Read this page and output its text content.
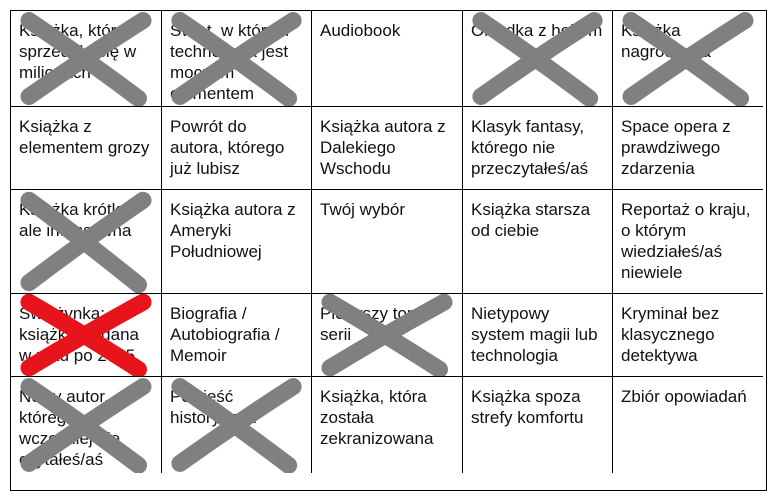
Książka, która sprzedała się w milionach
Świat, w którym technologia jest mocnym elementem
Audiobook	Okładka z hejtem Książka nagrodzona
Książka z elementem grozy
Powrót do autora, którego już lubisz
Książka autora z Dalekiego Wschodu
Klasyk fantasy, którego nie przeczytałeś/aś
Space opera z prawdziwego zdarzenia
Książka krótka, ale intensywna
Książka autora z Ameryki Południowej
Twój wybór	Książka starsza od ciebie
Reportaż o kraju, o którym wiedziałeś/aś niewiele
Świeżynka: książka wydana w roku po 2015
Biografia / Autobiografia / Memoir
Pierwszy tom serii
Nietypowy system magii lub technologia
Kryminał bez klasycznego detektywa
Nowy autor, którego wcześniej nie czytałeś/aś
Powieść historyczna
Książka, która została zekranizowana
Książka spoza strefy komfortu
Zbiór opowiadań
